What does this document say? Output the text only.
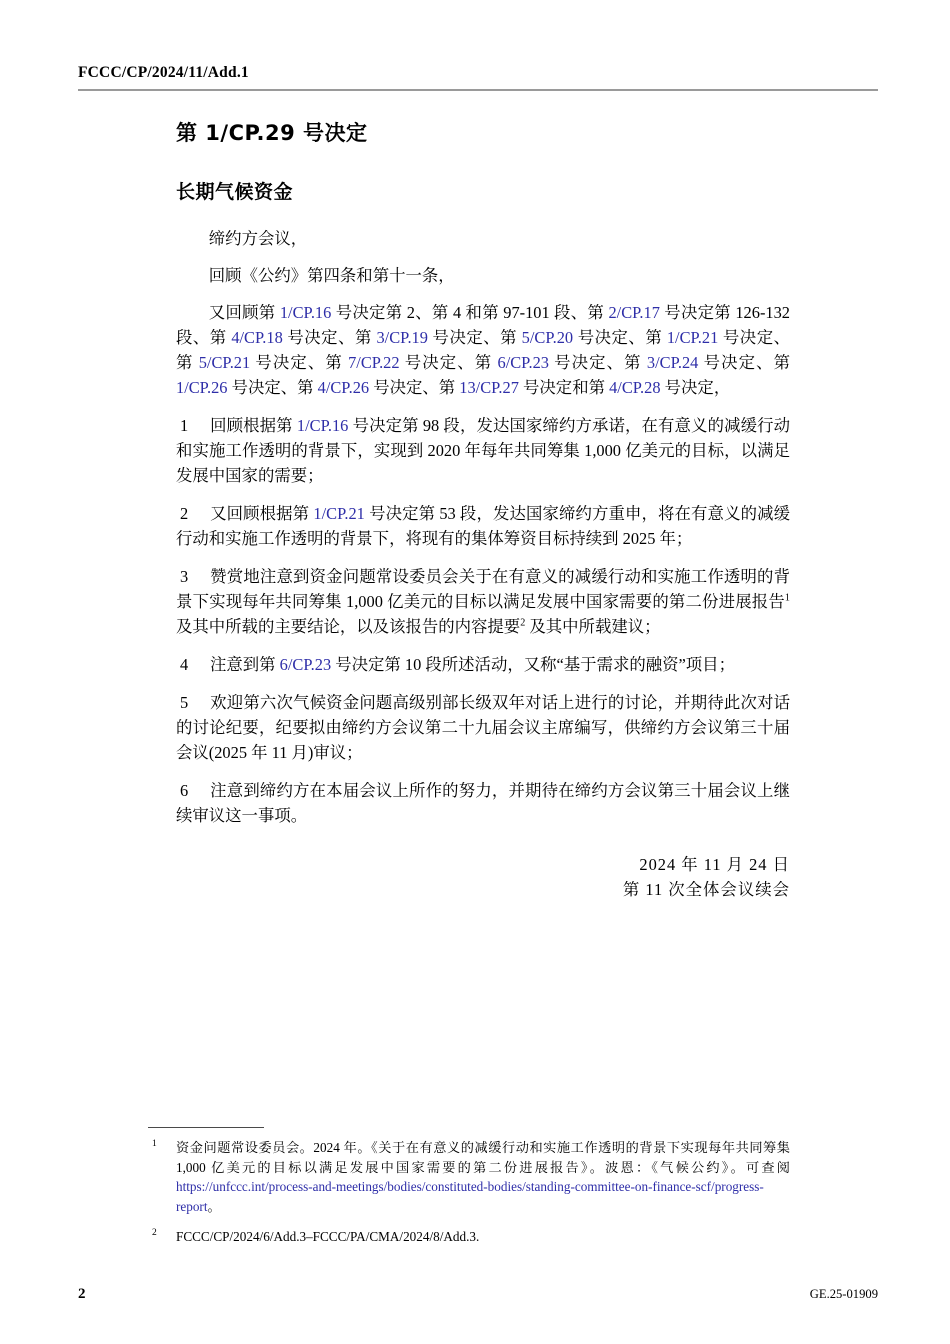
FCCC/CP/2024/11/Add.1
第 1/CP.29 号决定
长期气候资金

缔约方会议，

回顾《公约》第四条和第十一条，

又回顾第 1/CP.16 号决定第 2、第 4 和第 97-101 段、第 2/CP.17 号决定第 126-132 段、第 4/CP.18 号决定、第 3/CP.19 号决定、第 5/CP.20 号决定、第 1/CP.21 号决定、第 5/CP.21 号决定、第 7/CP.22 号决定、第 6/CP.23 号决定、第 3/CP.24 号决定、第 1/CP.26 号决定、第 4/CP.26 号决定、第 13/CP.27 号决定和第 4/CP.28 号决定，

1 回顾根据第 1/CP.16 号决定第 98 段，发达国家缔约方承诺，在有意义的减缓行动和实施工作透明的背景下，实现到 2020 年每年共同筹集 1,000 亿美元的目标，以满足发展中国家的需要；

2 又回顾根据第 1/CP.21 号决定第 53 段，发达国家缔约方重申，将在有意义的减缓行动和实施工作透明的背景下，将现有的集体筹资目标持续到 2025 年；

3 赞赏地注意到资金问题常设委员会关于在有意义的减缓行动和实施工作透明的背景下实现每年共同筹集 1,000 亿美元的目标以满足发展中国家需要的第二份进展报告$^1$ 及其中所载的主要结论，以及该报告的内容提要$^2$ 及其中所载建议；

4 注意到第 6/CP.23 号决定第 10 段所述活动，又称“基于需求的融资”项目；

5 欢迎第六次气候资金问题高级别部长级双年对话上进行的讨论，并期待此次对话的讨论纪要，纪要拟由缔约方会议第二十九届会议主席编写，供缔约方会议第三十届会议(2025 年 11 月)审议；

6 注意到缔约方在本届会议上所作的努力，并期待在缔约方会议第三十届会议上继续审议这一事项。

2024 年 11 月 24 日
第 11 次全体会议续会
1 资金问题常设委员会。2024 年。《关于在有意义的减缓行动和实施工作透明的背景下实现每年共同筹集 1,000 亿美元的目标以满足发展中国家需要的第二份进展报告》。波恩：《气候公约》。可查阅 https://unfccc.int/process-and-meetings/bodies/constituted-bodies/standing-committee-on-finance-scf/progress-report。
2 FCCC/CP/2024/6/Add.3–FCCC/PA/CMA/2024/8/Add.3.
2	GE.25-01909
